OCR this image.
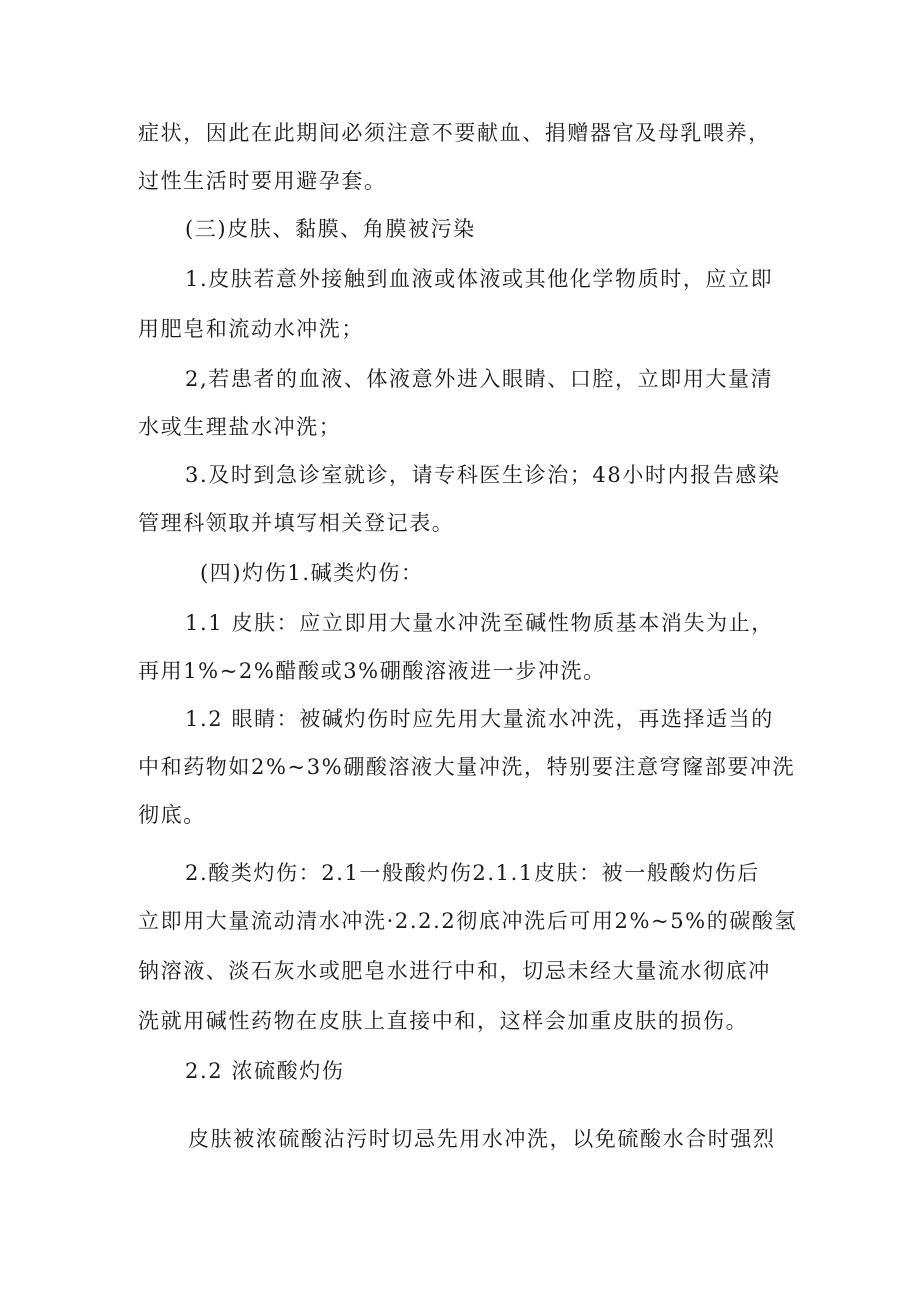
症状，因此在此期间必须注意不要献血、捐赠器官及母乳喂养，
过性生活时要用避孕套。
(三)皮肤、黏膜、角膜被污染
1.皮肤若意外接触到血液或体液或其他化学物质时，应立即
用肥皂和流动水冲洗；
2,若患者的血液、体液意外进入眼睛、口腔，立即用大量清
水或生理盐水冲洗；
3.及时到急诊室就诊，请专科医生诊治；48小时内报告感染
管理科领取并填写相关登记表。
(四)灼伤1.碱类灼伤：
1.1 皮肤：应立即用大量水冲洗至碱性物质基本消失为止，
再用1%~2%醋酸或3%硼酸溶液进一步冲洗。
1.2 眼睛：被碱灼伤时应先用大量流水冲洗，再选择适当的
中和药物如2%~3%硼酸溶液大量冲洗，特别要注意穹窿部要冲洗
彻底。
2.酸类灼伤：2.1一般酸灼伤2.1.1皮肤：被一般酸灼伤后
立即用大量流动清水冲洗·2.2.2彻底冲洗后可用2%~5%的碳酸氢
钠溶液、淡石灰水或肥皂水进行中和，切忌未经大量流水彻底冲
洗就用碱性药物在皮肤上直接中和，这样会加重皮肤的损伤。
2.2 浓硫酸灼伤
皮肤被浓硫酸沾污时切忌先用水冲洗，以免硫酸水合时强烈
